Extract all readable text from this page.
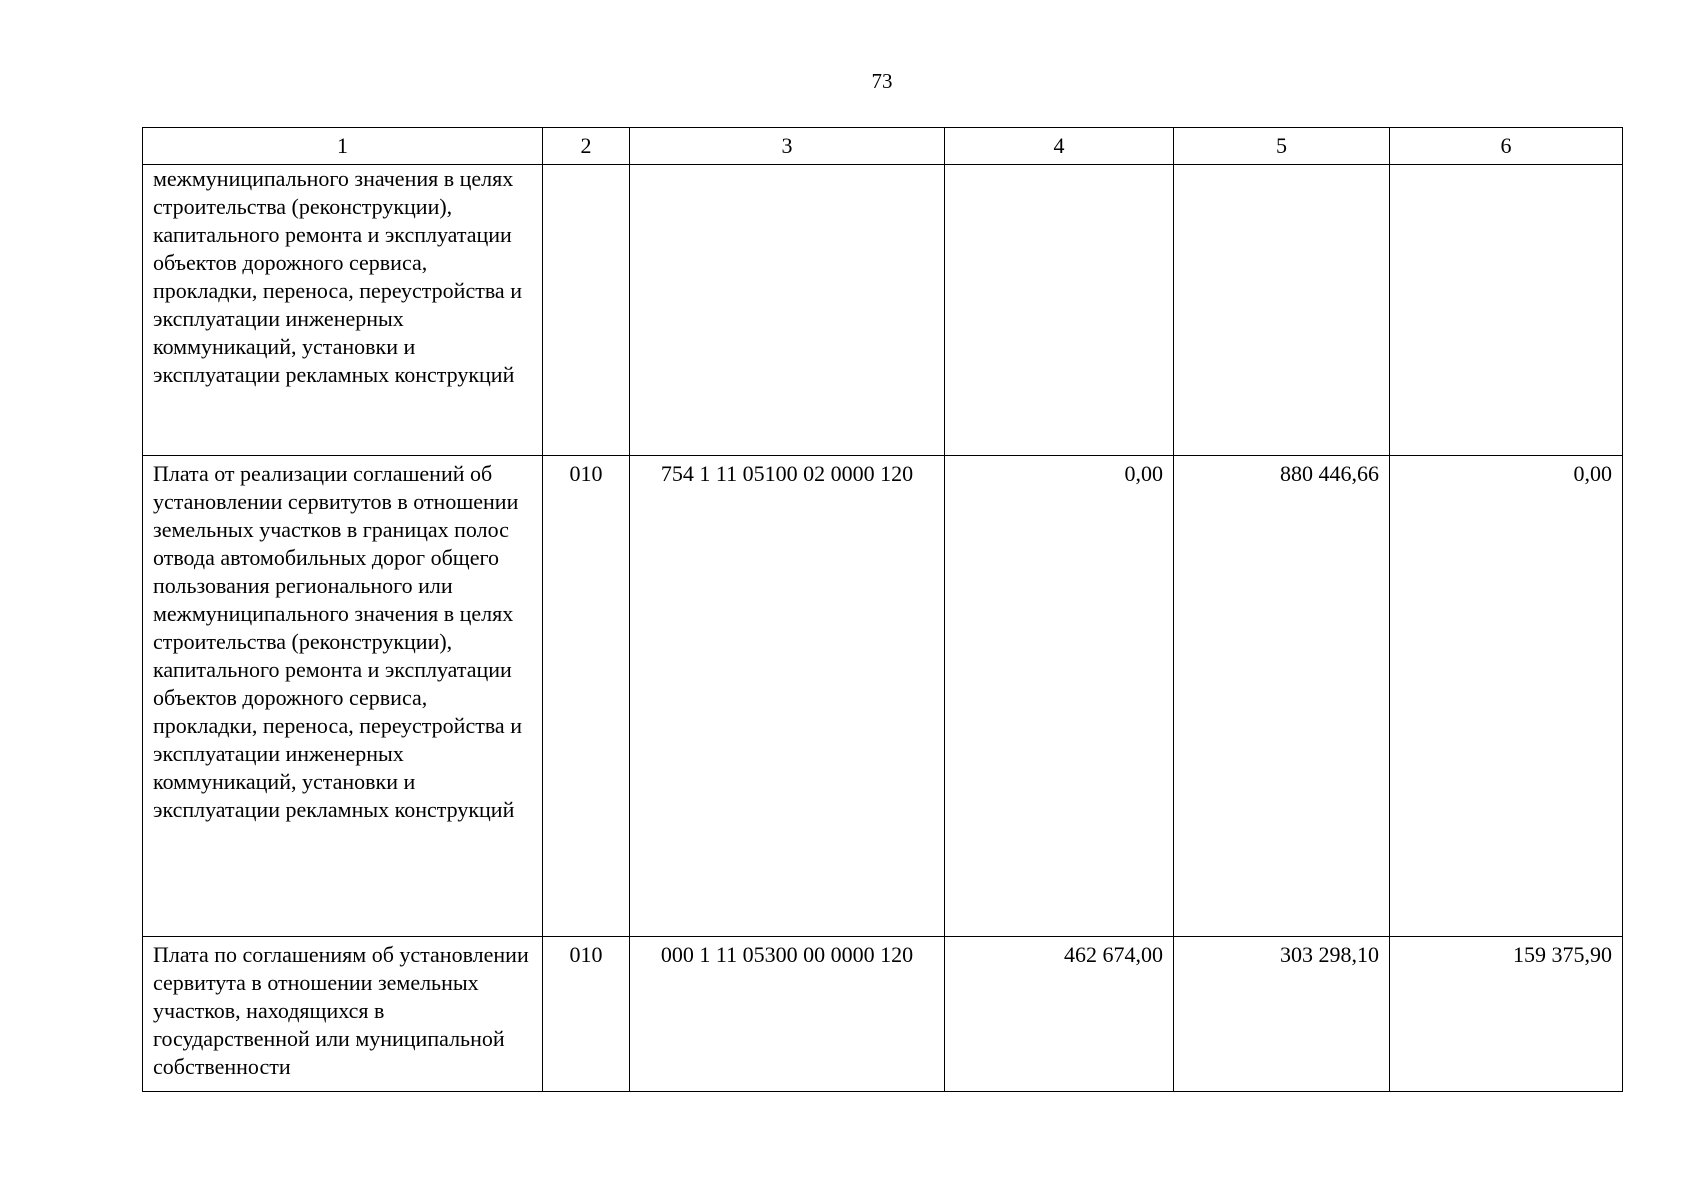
73
1	2	3	4	5	6
межмуниципального значения в целях строительства (реконструкции), капитального ремонта и эксплуатации объектов дорожного сервиса, прокладки, переноса, переустройства и эксплуатации инженерных коммуникаций, установки и эксплуатации рекламных конструкций					
Плата от реализации соглашений об установлении сервитутов в отношении земельных участков в границах полос отвода автомобильных дорог общего пользования регионального или межмуниципального значения в целях строительства (реконструкции), капитального ремонта и эксплуатации объектов дорожного сервиса, прокладки, переноса, переустройства и эксплуатации инженерных коммуникаций, установки и эксплуатации рекламных конструкций	010	754 1 11 05100 02 0000 120	0,00	880 446,66	0,00
Плата по соглашениям об установлении сервитута в отношении земельных участков, находящихся в государственной или муниципальной собственности	010	000 1 11 05300 00 0000 120	462 674,00	303 298,10	159 375,90
